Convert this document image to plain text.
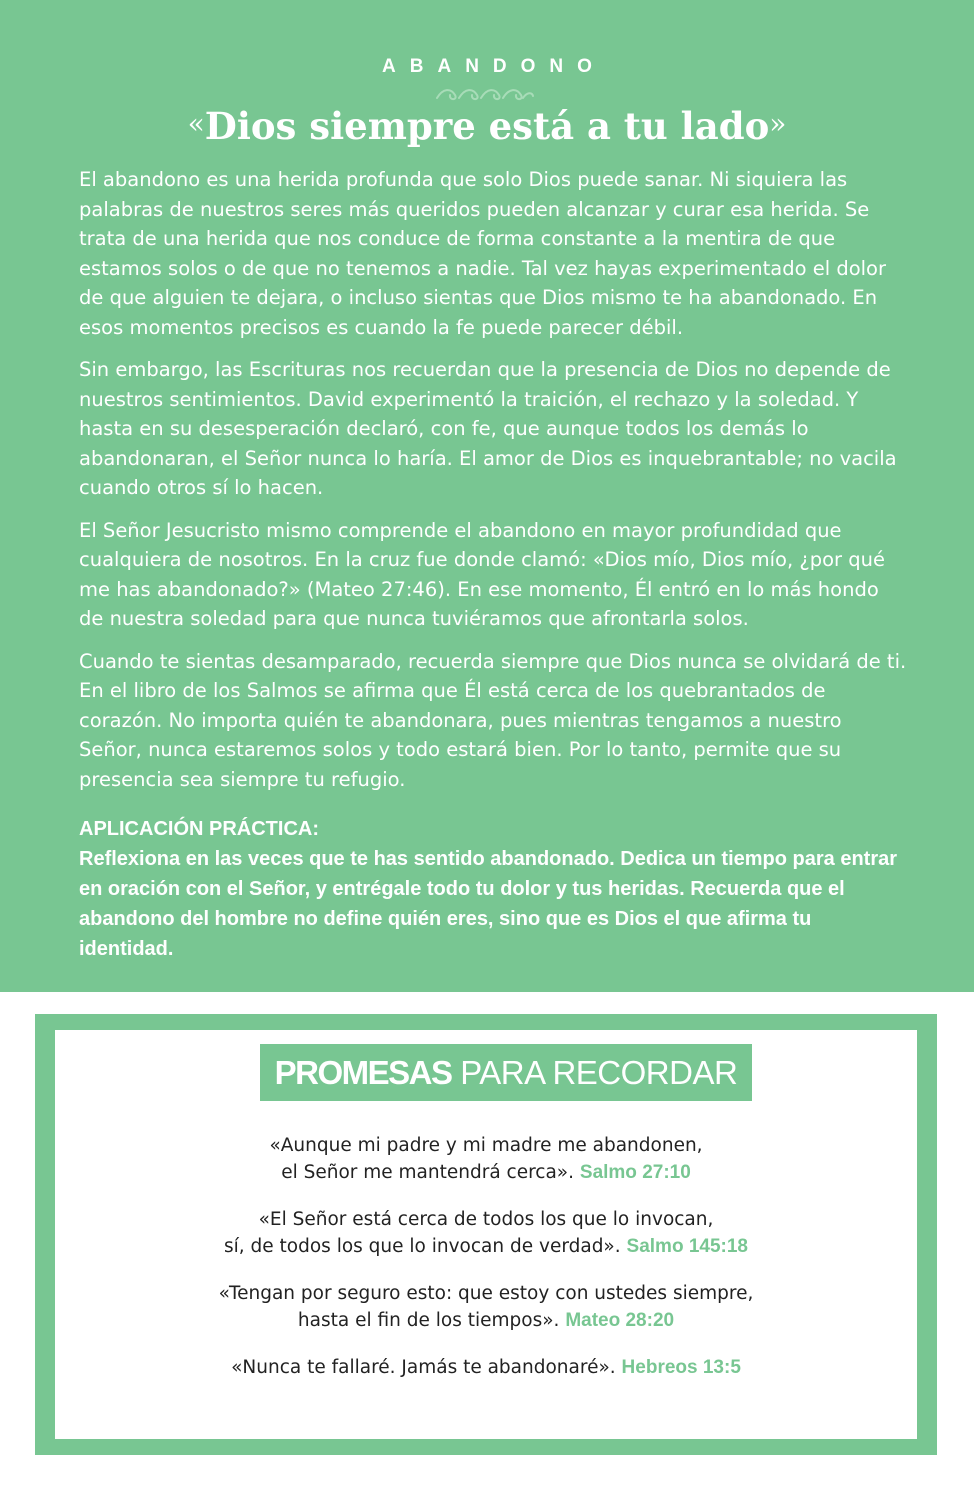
ABANDONO
«Dios siempre está a tu lado»

El abandono es una herida profunda que solo Dios puede sanar. Ni siquiera las palabras de nuestros seres más queridos pueden alcanzar y curar esa herida. Se trata de una herida que nos conduce de forma constante a la mentira de que estamos solos o de que no tenemos a nadie. Tal vez hayas experimentado el dolor de que alguien te dejara, o incluso sientas que Dios mismo te ha abandonado. En esos momentos precisos es cuando la fe puede parecer débil.

Sin embargo, las Escrituras nos recuerdan que la presencia de Dios no depende de nuestros sentimientos. David experimentó la traición, el rechazo y la soledad. Y hasta en su desesperación declaró, con fe, que aunque todos los demás lo abandonaran, el Señor nunca lo haría. El amor de Dios es inquebrantable; no vacila cuando otros sí lo hacen.

El Señor Jesucristo mismo comprende el abandono en mayor profundidad que cualquiera de nosotros. En la cruz fue donde clamó: «Dios mío, Dios mío, ¿por qué me has abandonado?» (Mateo 27:46). En ese momento, Él entró en lo más hondo de nuestra soledad para que nunca tuviéramos que afrontarla solos.

Cuando te sientas desamparado, recuerda siempre que Dios nunca se olvidará de ti. En el libro de los Salmos se afirma que Él está cerca de los quebrantados de corazón. No importa quién te abandonara, pues mientras tengamos a nuestro Señor, nunca estaremos solos y todo estará bien. Por lo tanto, permite que su presencia sea siempre tu refugio.

APLICACIÓN PRÁCTICA:

Reflexiona en las veces que te has sentido abandonado. Dedica un tiempo para entrar en oración con el Señor, y entrégale todo tu dolor y tus heridas. Recuerda que el abandono del hombre no define quién eres, sino que es Dios el que afirma tu identidad.

PROMESAS PARA RECORDAR
«Aunque mi padre y mi madre me abandonen,
el Señor me mantendrá cerca». Salmo 27:10
«El Señor está cerca de todos los que lo invocan,
sí, de todos los que lo invocan de verdad». Salmo 145:18
«Tengan por seguro esto: que estoy con ustedes siempre,
hasta el fin de los tiempos». Mateo 28:20
«Nunca te fallaré. Jamás te abandonaré». Hebreos 13:5
